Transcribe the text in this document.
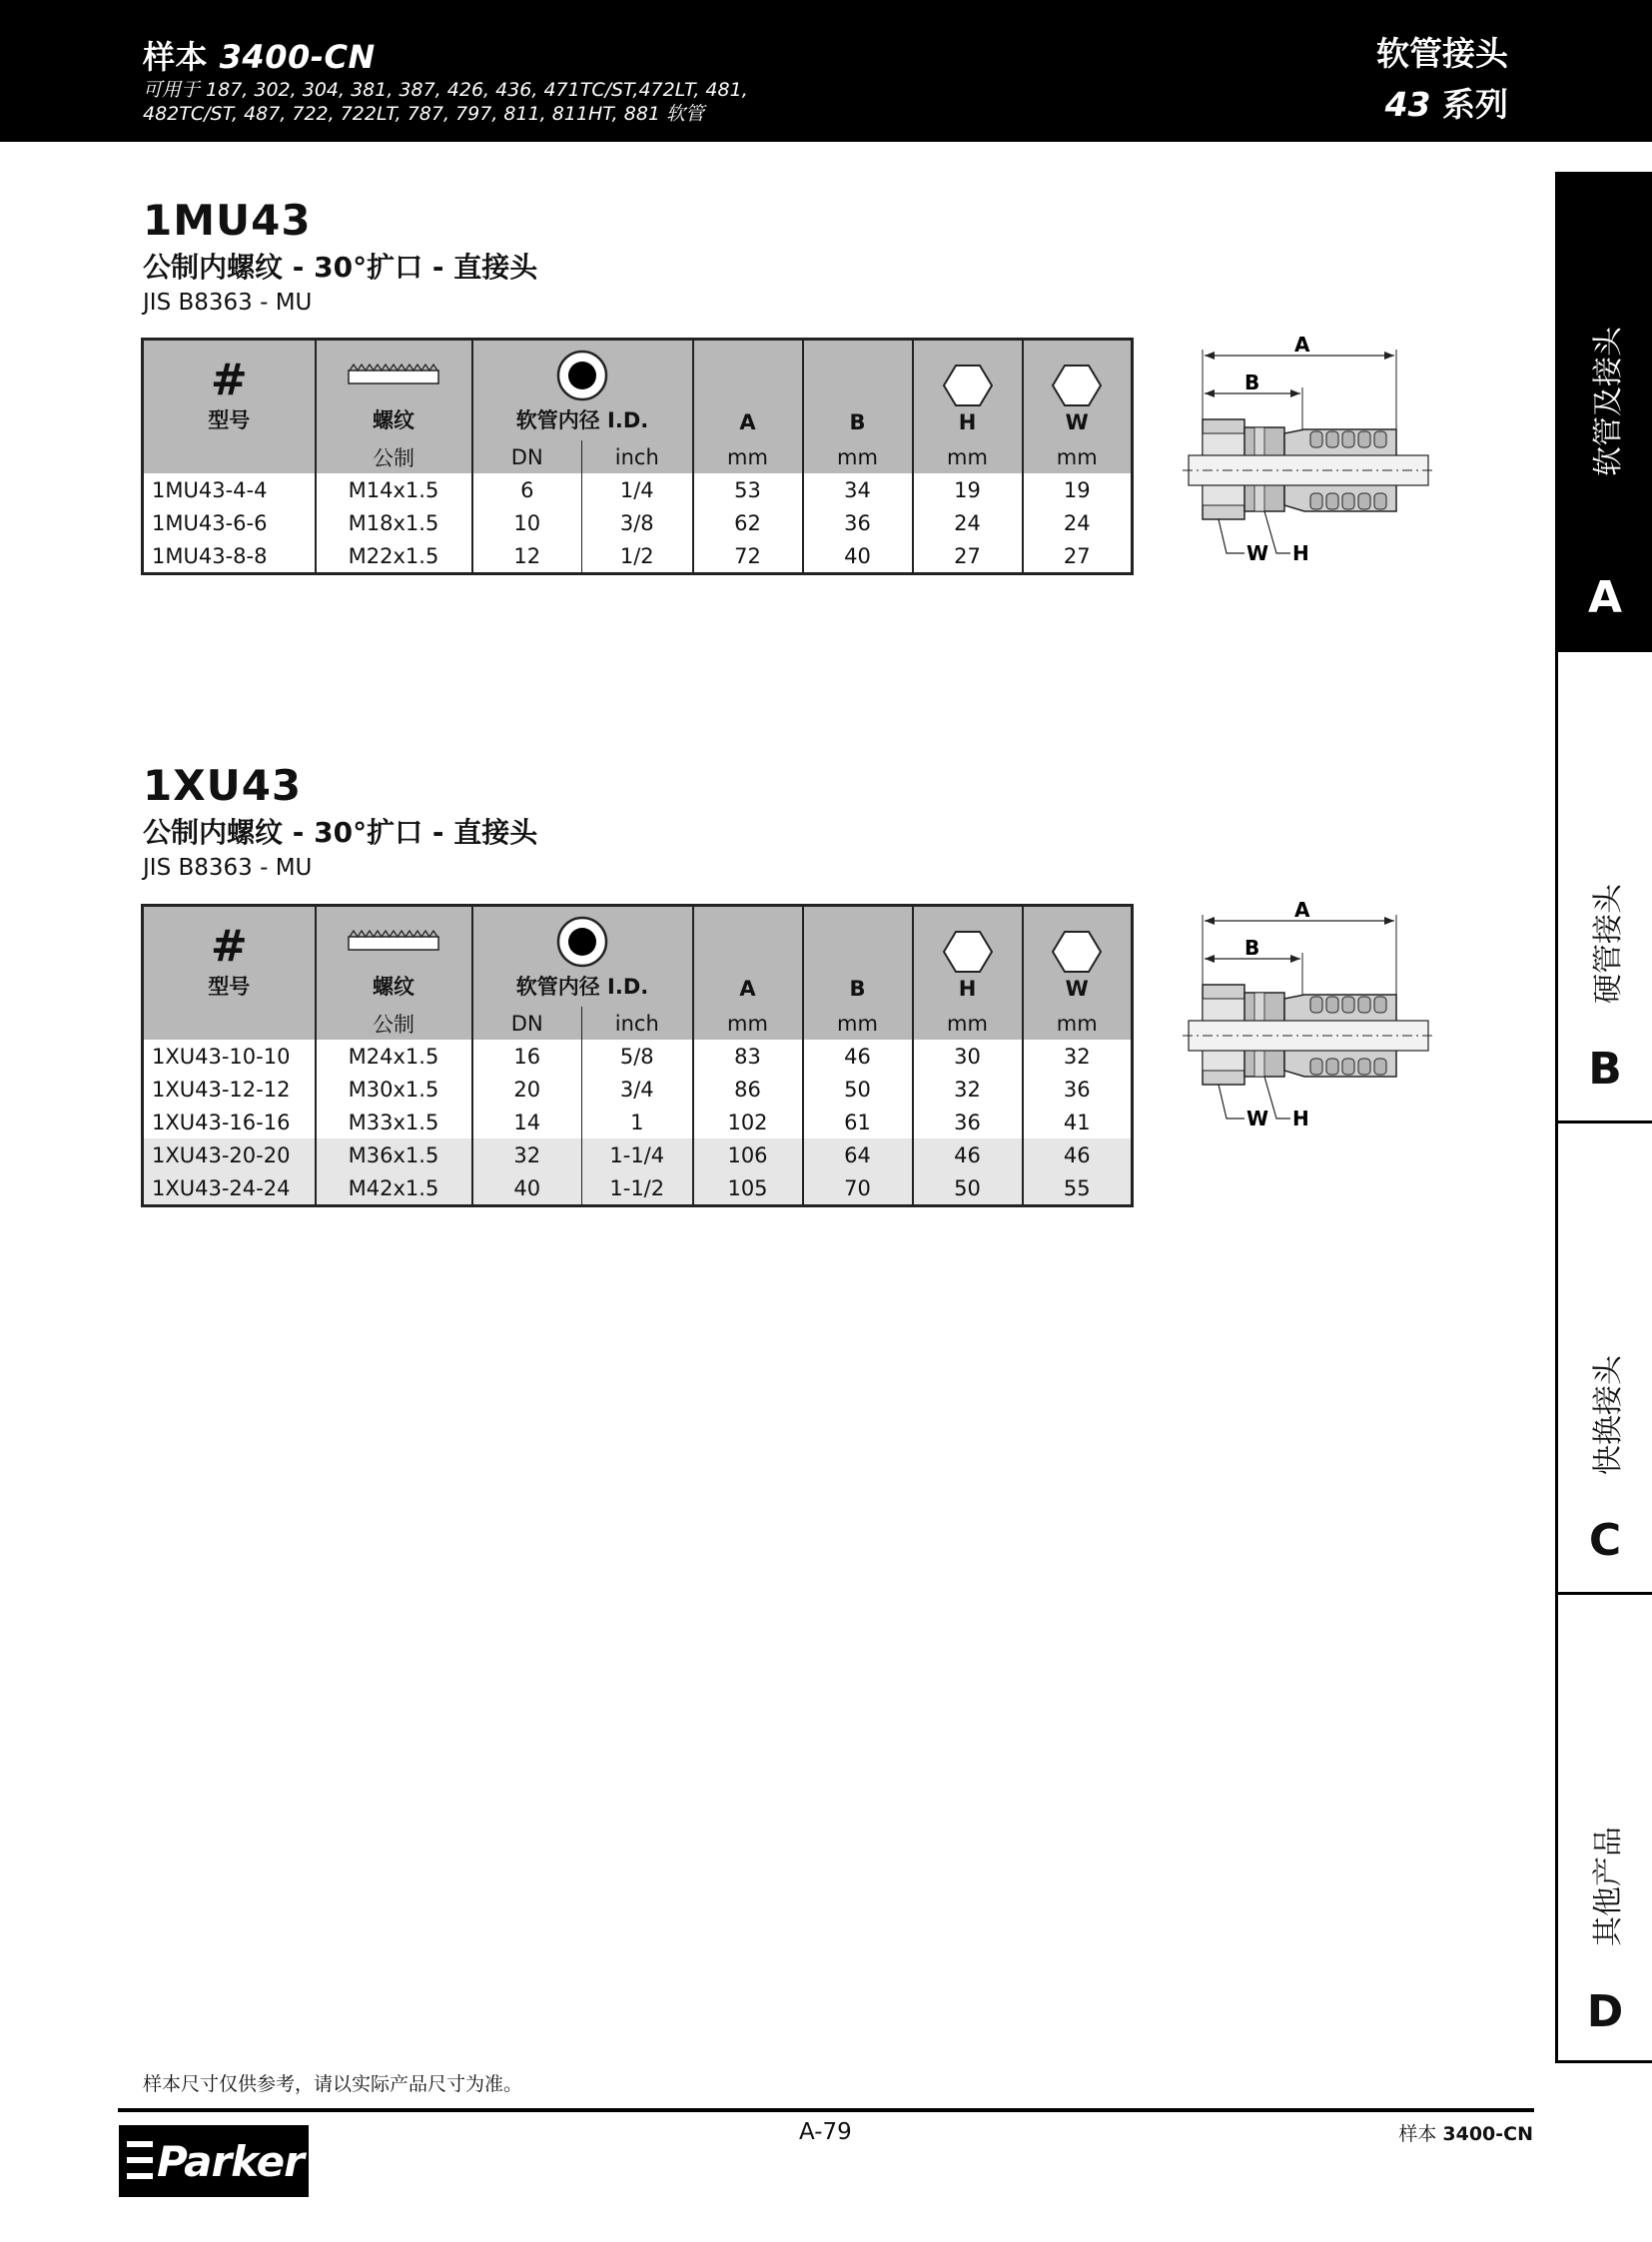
样本 3400-CN
可用于 187, 302, 304, 381, 387, 426, 436, 471TC/ST,472LT, 481,
482TC/ST, 487, 722, 722LT, 787, 797, 811, 811HT, 881 软管
软管接头
43 系列
软管及接头
A
硬管接头
B
快换接头
C
其他产品
D
1MU43
公制内螺纹 - 30°扩口 - 直接头
JIS B8363 - MU
#
型号	螺纹	软管内径 I.D.		A	B	H	W

	公制	DN	inch	mm	mm	mm	mm
1MU43-4-4	M14x1.5	6	1/4	53	34	19	19
1MU43-6-6	M18x1.5	10	3/8	62	36	24	24
1MU43-8-8	M22x1.5	12	1/2	72	40	27	27
A
B
W H
1XU43
公制内螺纹 - 30°扩口 - 直接头
JIS B8363 - MU
#
型号	螺纹	软管内径 I.D.		A	B	H	W

	公制	DN	inch	mm	mm	mm	mm
1XU43-10-10	M24x1.5	16	5/8	83	46	30	32
1XU43-12-12	M30x1.5	20	3/4	86	50	32	36
1XU43-16-16	M33x1.5	14	1	102	61	36	41
1XU43-20-20	M36x1.5	32	1-1/4	106	64	46	46
1XU43-24-24	M42x1.5	40	1-1/2	105	70	50	55
A
B
W H
样本尺寸仅供参考，请以实际产品尺寸为准。
Parker
A-79	样本 3400-CN
